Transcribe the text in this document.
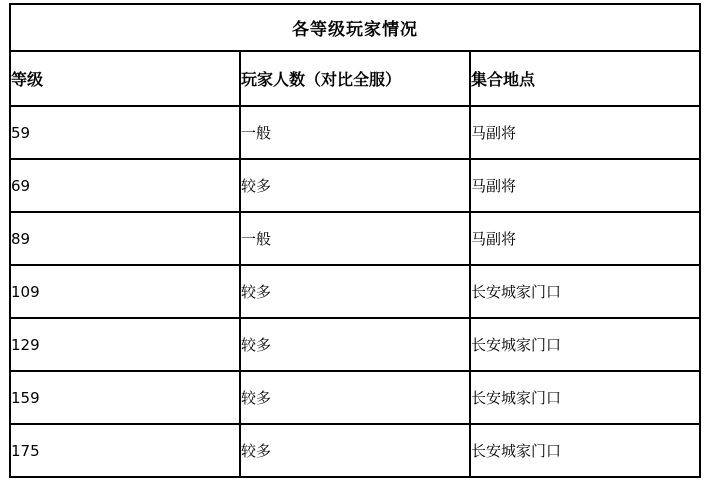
各等级玩家情况		
等级	玩家人数（对比全服）	集合地点
59	一般	马副将
69	较多	马副将
89	一般	马副将
109	较多	长安城家门口
129	较多	长安城家门口
159	较多	长安城家门口
175	较多	长安城家门口
